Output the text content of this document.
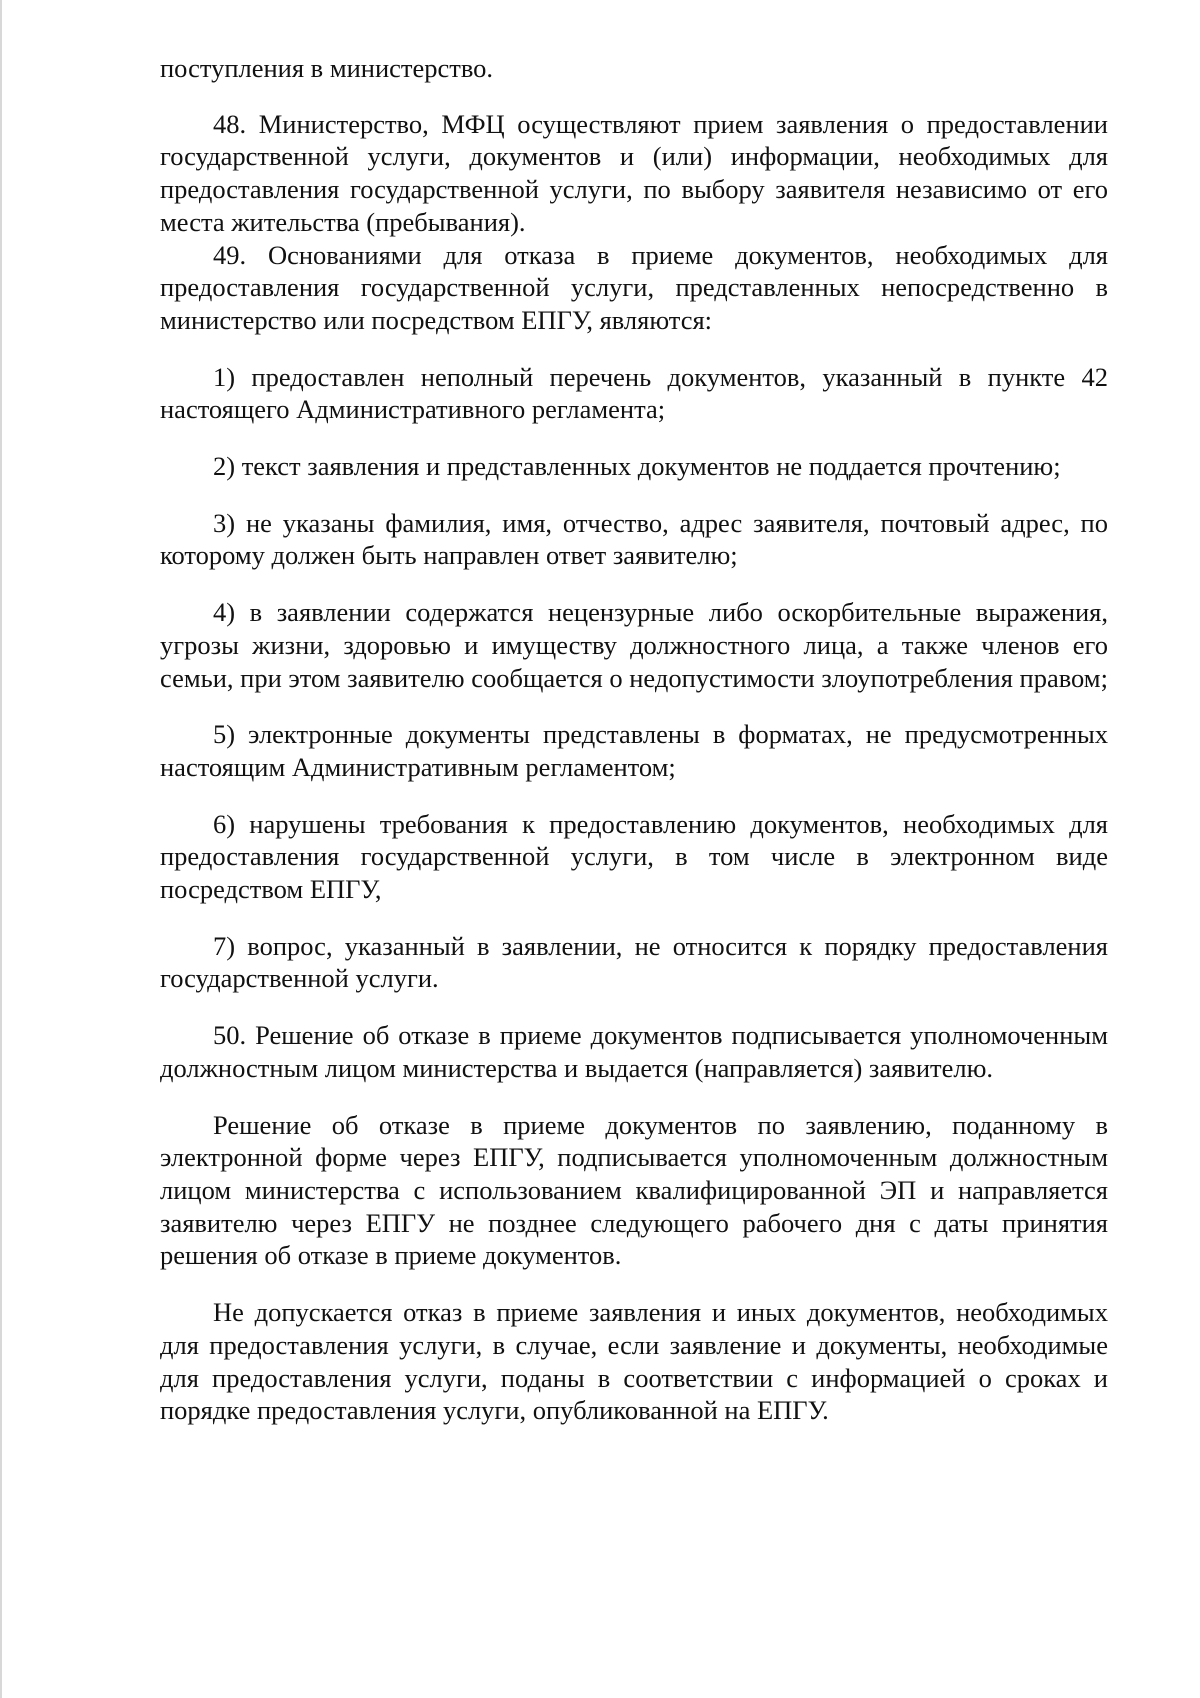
поступления в министерство.

48. Министерство, МФЦ осуществляют прием заявления о предоставлении государственной услуги, документов и (или) информации, необходимых для предоставления государственной услуги, по выбору заявителя независимо от его места жительства (пребывания).

49. Основаниями для отказа в приеме документов, необходимых для предоставления государственной услуги, представленных непосредственно в министерство или посредством ЕПГУ, являются:

1) предоставлен неполный перечень документов, указанный в пункте 42 настоящего Административного регламента;

2) текст заявления и представленных документов не поддается прочтению;

3) не указаны фамилия, имя, отчество, адрес заявителя, почтовый адрес, по которому должен быть направлен ответ заявителю;

4) в заявлении содержатся нецензурные либо оскорбительные выражения, угрозы жизни, здоровью и имуществу должностного лица, а также членов его семьи, при этом заявителю сообщается о недопустимости злоупотребления правом;

5) электронные документы представлены в форматах, не предусмотренных настоящим Административным регламентом;

6) нарушены требования к предоставлению документов, необходимых для предоставления государственной услуги, в том числе в электронном виде посредством ЕПГУ,

7) вопрос, указанный в заявлении, не относится к порядку предоставления государственной услуги.

50. Решение об отказе в приеме документов подписывается уполномоченным должностным лицом министерства и выдается (направляется) заявителю.

Решение об отказе в приеме документов по заявлению, поданному в электронной форме через ЕПГУ, подписывается уполномоченным должностным лицом министерства с использованием квалифицированной ЭП и направляется заявителю через ЕПГУ не позднее следующего рабочего дня с даты принятия решения об отказе в приеме документов.

Не допускается отказ в приеме заявления и иных документов, необходимых для предоставления услуги, в случае, если заявление и документы, необходимые для предоставления услуги, поданы в соответствии с информацией о сроках и порядке предоставления услуги, опубликованной на ЕПГУ.
